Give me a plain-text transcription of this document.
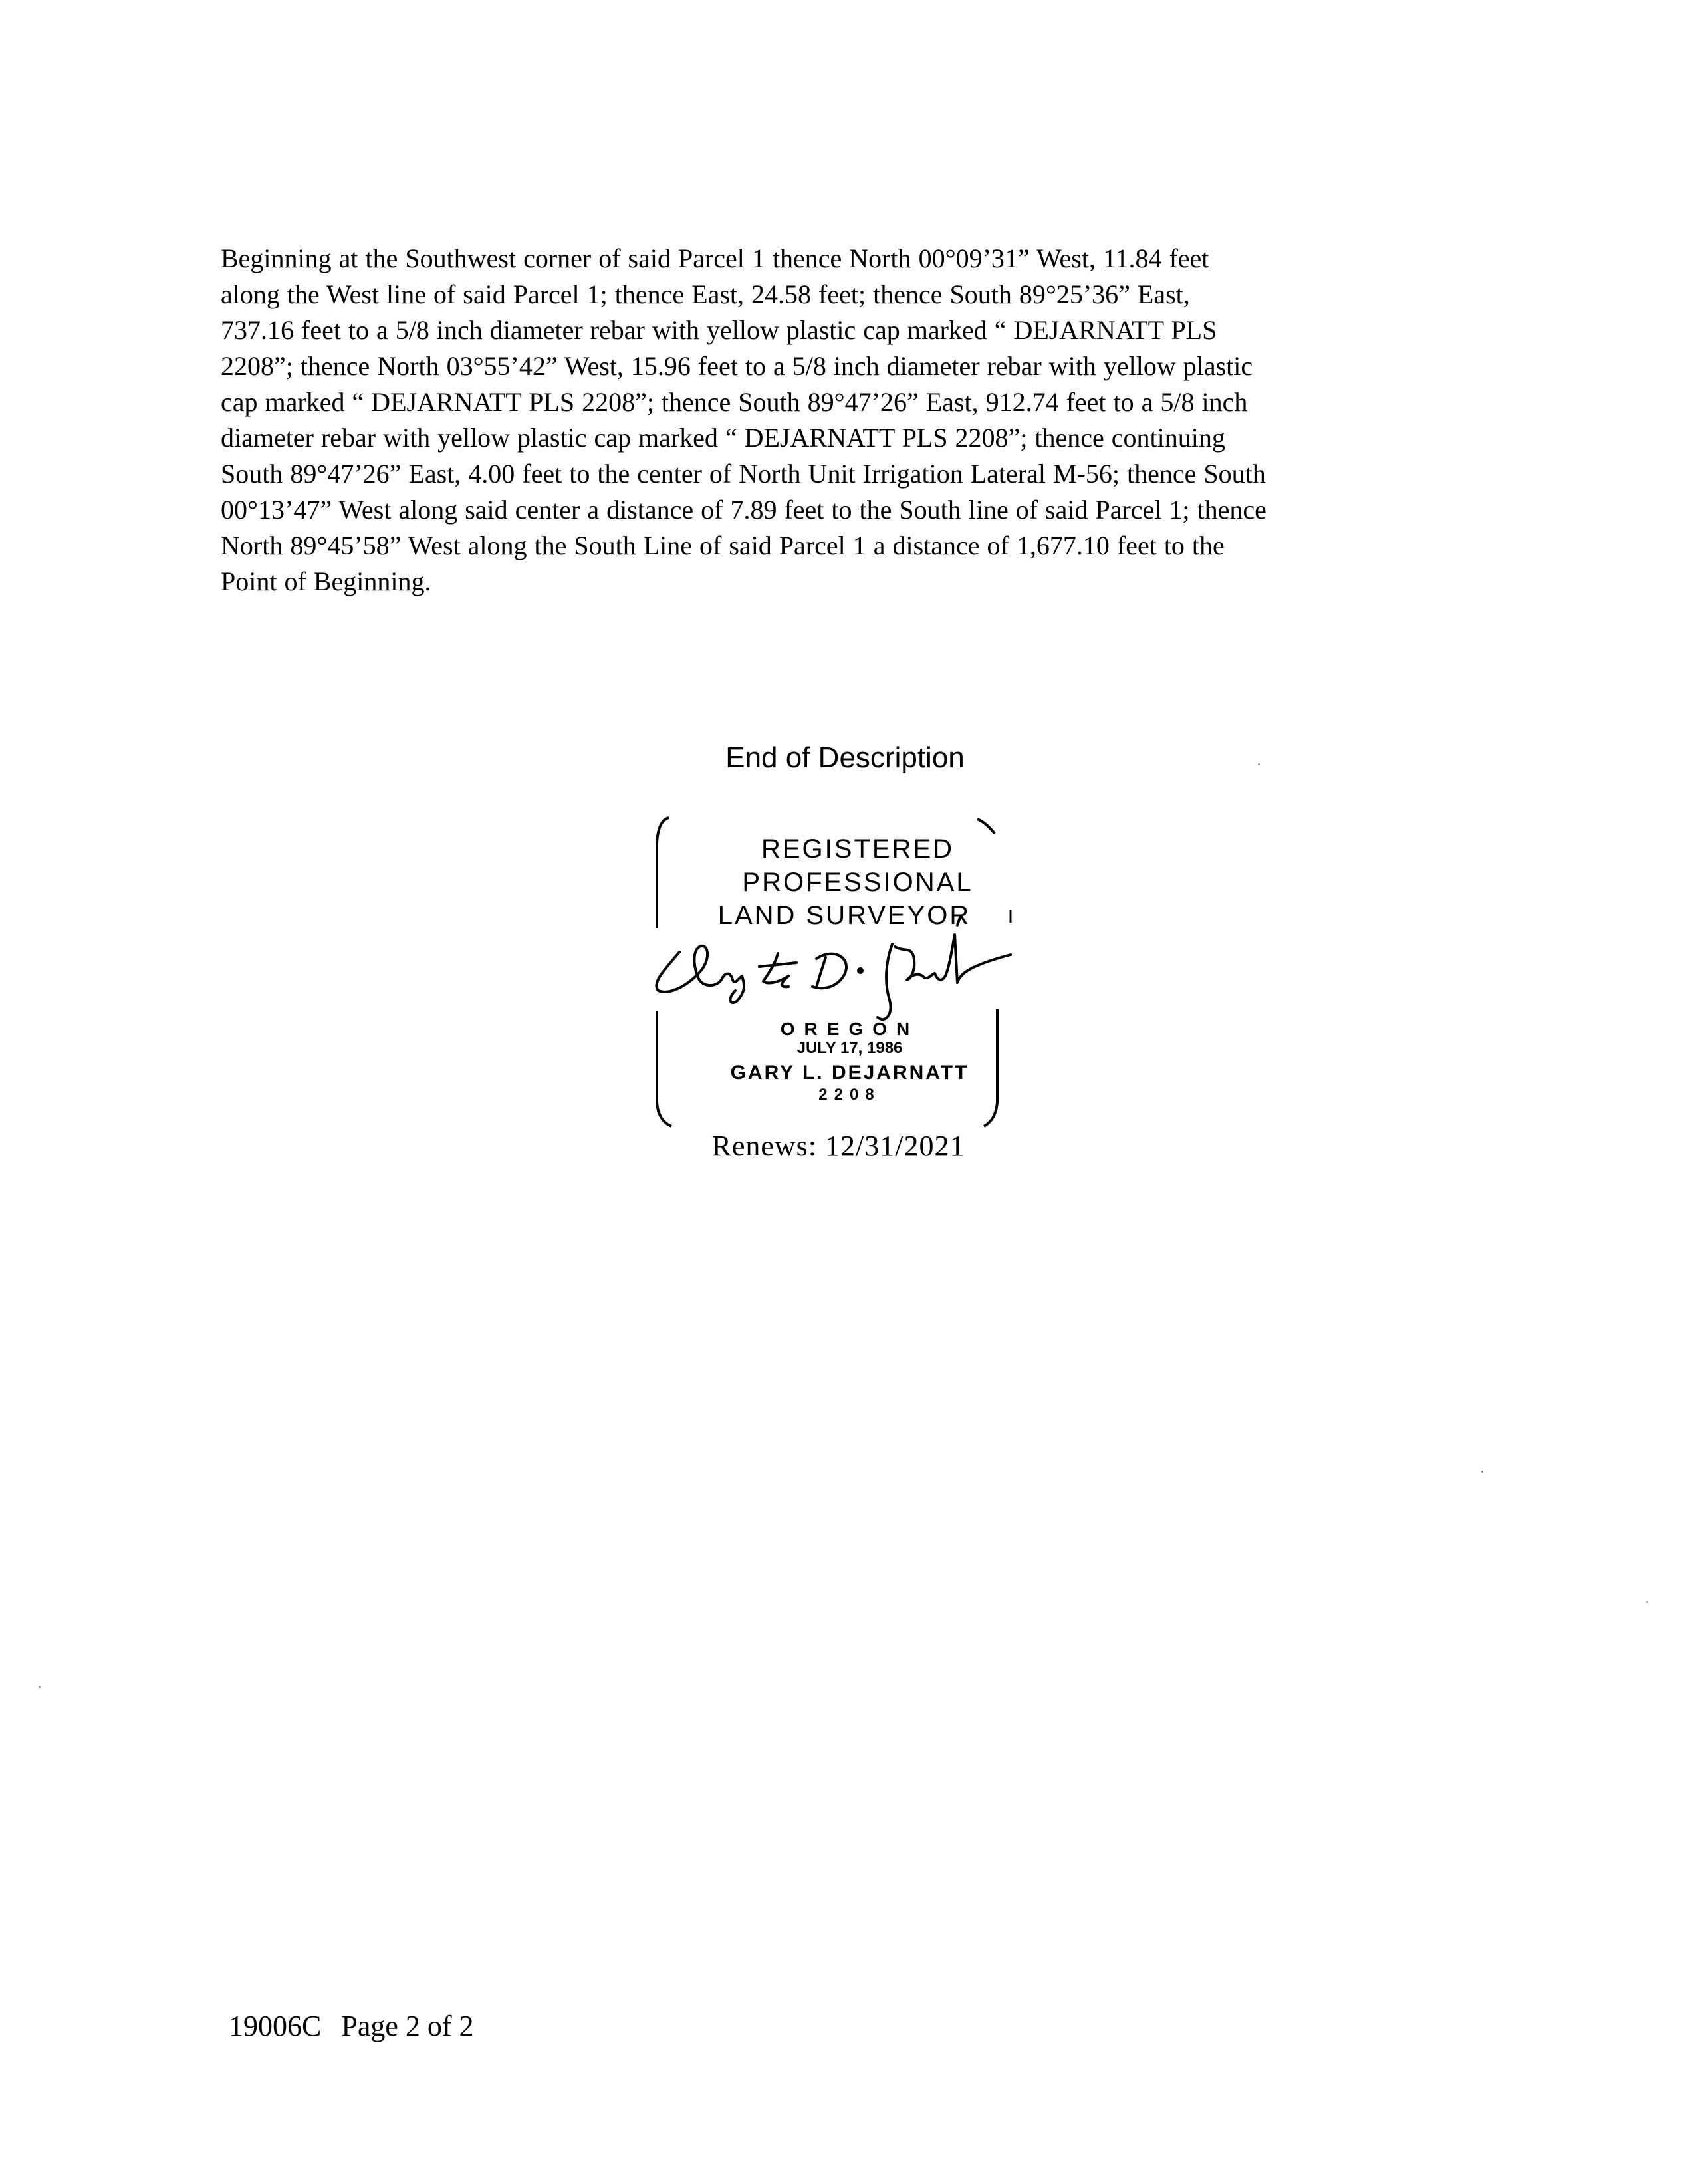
Beginning at the Southwest corner of said Parcel 1 thence North 00°09’31” West, 11.84 feet
along the West line of said Parcel 1; thence East, 24.58 feet; thence South 89°25’36” East,
737.16 feet to a 5/8 inch diameter rebar with yellow plastic cap marked “ DEJARNATT PLS
2208”; thence North 03°55’42” West, 15.96 feet to a 5/8 inch diameter rebar with yellow plastic
cap marked “ DEJARNATT PLS 2208”; thence South 89°47’26” East, 912.74 feet to a 5/8 inch
diameter rebar with yellow plastic cap marked “ DEJARNATT PLS 2208”; thence continuing
South 89°47’26” East, 4.00 feet to the center of North Unit Irrigation Lateral M-56; thence South
00°13’47” West along said center a distance of 7.89 feet to the South line of said Parcel 1; thence
North 89°45’58” West along the South Line of said Parcel 1 a distance of 1,677.10 feet to the
Point of Beginning.

End of Description

REGISTERED

PROFESSIONAL

LAND SURVEYOR

OREGON

JULY 17, 1986

GARY L. DEJARNATT

2208

Renews: 12/31/2021

19006C Page 2 of 2
